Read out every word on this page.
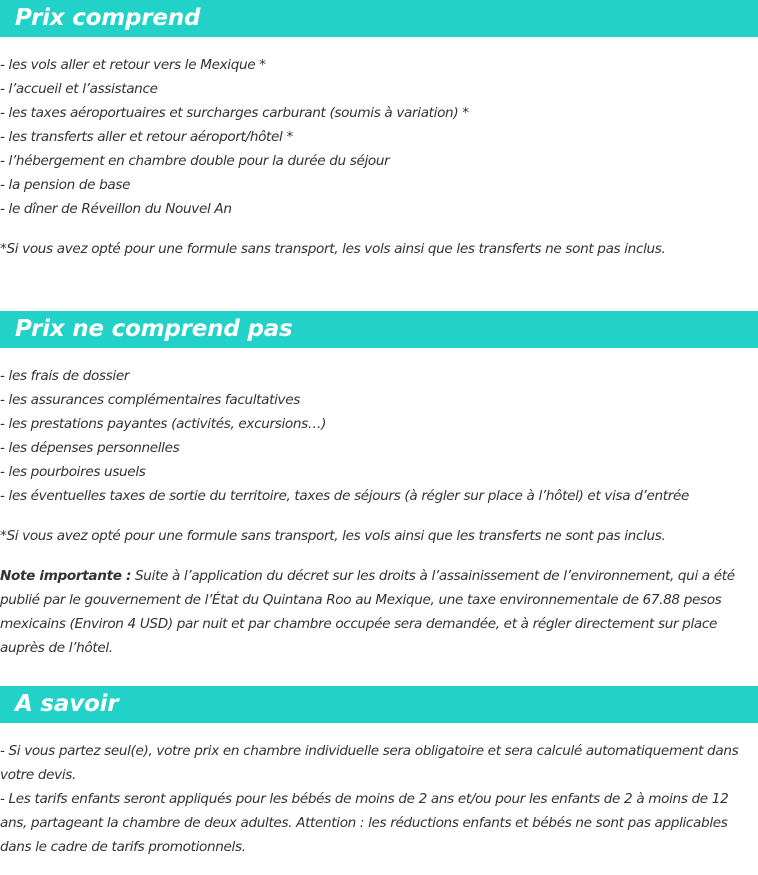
Prix comprend
- les vols aller et retour vers le Mexique *
- l’accueil et l’assistance
- les taxes aéroportuaires et surcharges carburant (soumis à variation) *
- les transferts aller et retour aéroport/hôtel *
- l’hébergement en chambre double pour la durée du séjour
- la pension de base
- le dîner de Réveillon du Nouvel An
*Si vous avez opté pour une formule sans transport, les vols ainsi que les transferts ne sont pas inclus.
Prix ne comprend pas
- les frais de dossier
- les assurances complémentaires facultatives
- les prestations payantes (activités, excursions…)
- les dépenses personnelles
- les pourboires usuels
- les éventuelles taxes de sortie du territoire, taxes de séjours (à régler sur place à l’hôtel) et visa d’entrée
*Si vous avez opté pour une formule sans transport, les vols ainsi que les transferts ne sont pas inclus.
Note importante : Suite à l’application du décret sur les droits à l’assainissement de l’environnement, qui a été publié par le gouvernement de l’État du Quintana Roo au Mexique, une taxe environnementale de 67.88 pesos mexicains (Environ 4 USD) par nuit et par chambre occupée sera demandée, et à régler directement sur place auprès de l’hôtel.
A savoir
- Si vous partez seul(e), votre prix en chambre individuelle sera obligatoire et sera calculé automatiquement dans votre devis.
- Les tarifs enfants seront appliqués pour les bébés de moins de 2 ans et/ou pour les enfants de 2 à moins de 12 ans, partageant la chambre de deux adultes. Attention : les réductions enfants et bébés ne sont pas applicables dans le cadre de tarifs promotionnels.
